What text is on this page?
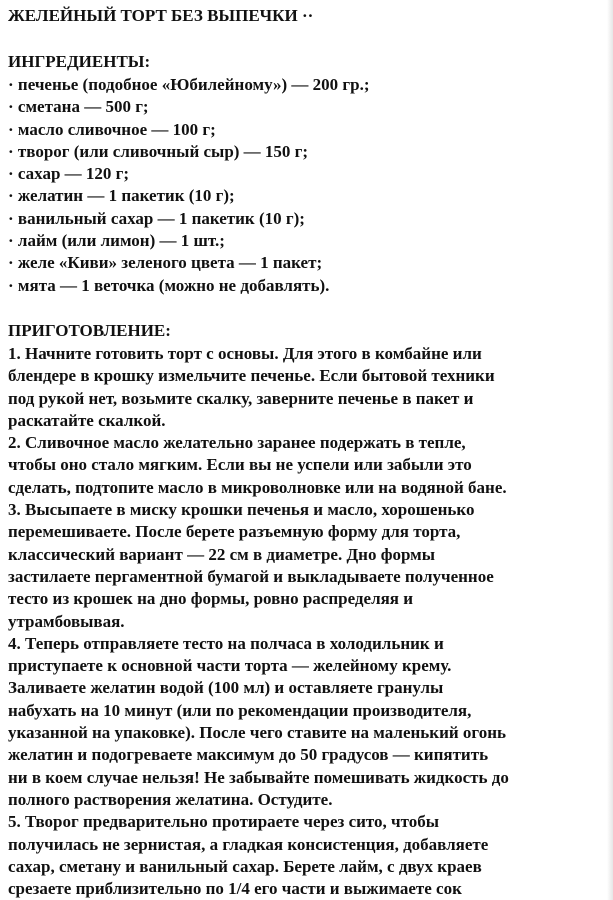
ЖЕЛЕЙНЫЙ ТОРТ БЕЗ ВЫПЕЧКИ ··
ИНГРЕДИЕНТЫ:
· печенье (подобное «Юбилейному») — 200 гр.;
· сметана — 500 г;
· масло сливочное — 100 г;
· творог (или сливочный сыр) — 150 г;
· сахар — 120 г;
· желатин — 1 пакетик (10 г);
· ванильный сахар — 1 пакетик (10 г);
· лайм (или лимон) — 1 шт.;
· желе «Киви» зеленого цвета — 1 пакет;
· мята — 1 веточка (можно не добавлять).
ПРИГОТОВЛЕНИЕ:
1. Начните готовить торт с основы. Для этого в комбайне или
блендере в крошку измельчите печенье. Если бытовой техники
под рукой нет, возьмите скалку, заверните печенье в пакет и
раскатайте скалкой.
2. Сливочное масло желательно заранее подержать в тепле,
чтобы оно стало мягким. Если вы не успели или забыли это
сделать, подтопите масло в микроволновке или на водяной бане.
3. Высыпаете в миску крошки печенья и масло, хорошенько
перемешиваете. После берете разъемную форму для торта,
классический вариант — 22 см в диаметре. Дно формы
застилаете пергаментной бумагой и выкладываете полученное
тесто из крошек на дно формы, ровно распределяя и
утрамбовывая.
4. Теперь отправляете тесто на полчаса в холодильник и
приступаете к основной части торта — желейному крему.
Заливаете желатин водой (100 мл) и оставляете гранулы
набухать на 10 минут (или по рекомендации производителя,
указанной на упаковке). После чего ставите на маленький огонь
желатин и подогреваете максимум до 50 градусов — кипятить
ни в коем случае нельзя! Не забывайте помешивать жидкость до
полного растворения желатина. Остудите.
5. Творог предварительно протираете через сито, чтобы
получилась не зернистая, а гладкая консистенция, добавляете
сахар, сметану и ванильный сахар. Берете лайм, с двух краев
срезаете приблизительно по 1/4 его части и выжимаете сок
